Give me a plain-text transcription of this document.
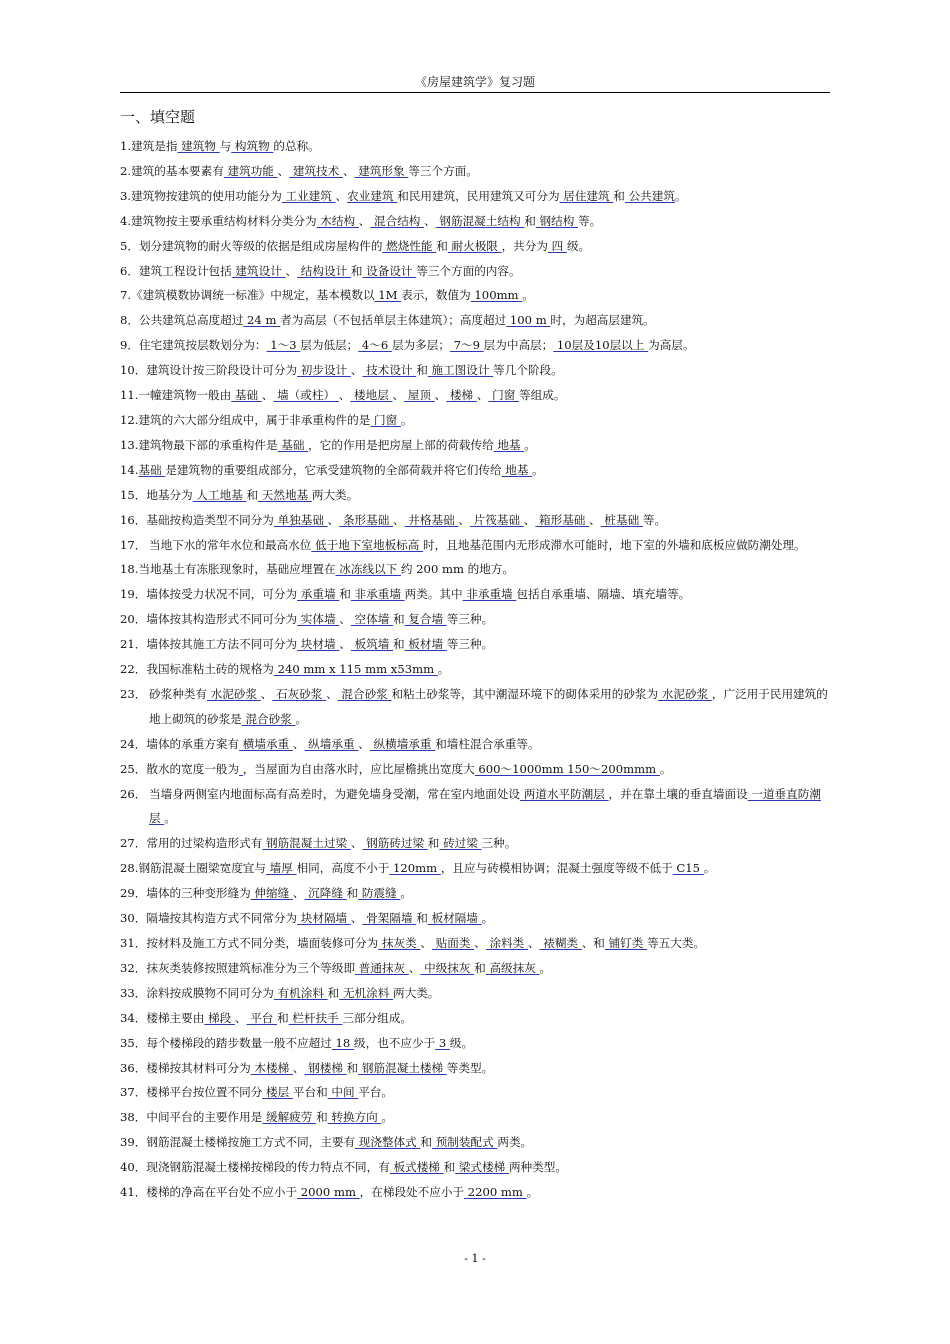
《房屋建筑学》复习题
一、填空题
1. 建筑是指 建筑物 与 构筑物 的总称。
2. 建筑的基本要素有 建筑功能 、 建筑技术 、 建筑形象 等三个方面。
3. 建筑物按建筑的使用功能分为 工业建筑 、农业建筑 和民用建筑，民用建筑又可分为 居住建筑 和 公共建筑。
4. 建筑物按主要承重结构材料分类分为 木结构 、 混合结构 、 钢筋混凝土结构 和 钢结构 等。
5． 划分建筑物的耐火等级的依据是组成房屋构件的 燃烧性能 和 耐火极限 ，共分为 四 级。
6． 建筑工程设计包括 建筑设计 、 结构设计 和 设备设计 等三个方面的内容。
7. 《建筑模数协调统一标准》中规定，基本模数以 1M 表示，数值为 100mm 。
8． 公共建筑总高度超过 24 m 者为高层（不包括单层主体建筑）；高度超过 100 m 时，为超高层建筑。
9． 住宅建筑按层数划分为： 1～3 层为低层； 4～6 层为多层； 7～9 层为中高层； 10层及10层以上 为高层。
10． 建筑设计按三阶段设计可分为 初步设计 、 技术设计 和 施工图设计 等几个阶段。
11. 一幢建筑物一般由 基础 、 墙（或柱） 、 楼地层 、 屋顶 、 楼梯 、 门窗 等组成。
12. 建筑的六大部分组成中，属于非承重构件的是 门窗 。
13. 建筑物最下部的承重构件是 基础 ，它的作用是把房屋上部的荷载传给 地基 。
14. 基础 是建筑物的重要组成部分，它承受建筑物的全部荷载并将它们传给 地基 。
15． 地基分为 人工地基 和 天然地基 两大类。
16． 基础按构造类型不同分为 单独基础 、 条形基础 、 井格基础 、 片筏基础 、 箱形基础 、 桩基础 等。
17． 当地下水的常年水位和最高水位 低于地下室地板标高 时，且地基范围内无形成滞水可能时，地下室的外墙和底板应做防潮处理。
18. 当地基土有冻胀现象时，基础应埋置在 冰冻线以下 约 200 mm 的地方。
19． 墙体按受力状况不同，可分为 承重墙 和 非承重墙 两类。其中 非承重墙 包括自承重墙、隔墙、填充墙等。
20． 墙体按其构造形式不同可分为 实体墙 、 空体墙 和 复合墙 等三种。
21． 墙体按其施工方法不同可分为 块材墙 、 板筑墙 和 板材墙 等三种。
22． 我国标准粘土砖的规格为 240 mm x 115 mm x53mm 。
23． 砂浆种类有 水泥砂浆 、 石灰砂浆 、 混合砂浆 和粘土砂浆等，其中潮湿环境下的砌体采用的砂浆为 水泥砂浆 ，广泛用于民用建筑的地上砌筑的砂浆是 混合砂浆 。
24． 墙体的承重方案有 横墙承重 、 纵墙承重 、 纵横墙承重 和墙柱混合承重等。
25． 散水的宽度一般为 ，当屋面为自由落水时，应比屋檐挑出宽度大 600～1000mm 150～200mmm 。
26． 当墙身两侧室内地面标高有高差时，为避免墙身受潮，常在室内地面处设 两道水平防潮层 ，并在靠土壤的垂直墙面设 一道垂直防潮层 。
27． 常用的过梁构造形式有 钢筋混凝土过梁 、 钢筋砖过梁 和 砖过梁 三种。
28. 钢筋混凝土圈梁宽度宜与 墙厚 相同，高度不小于 120mm ，且应与砖模相协调；混凝土强度等级不低于 C15 。
29． 墙体的三种变形缝为 伸缩缝 、 沉降缝 和 防震缝 。
30． 隔墙按其构造方式不同常分为 块材隔墙 、 骨架隔墙 和 板材隔墙 。
31． 按材料及施工方式不同分类，墙面装修可分为 抹灰类 、 贴面类 、 涂料类 、 裱糊类 、和 铺钉类 等五大类。
32． 抹灰类装修按照建筑标准分为三个等级即 普通抹灰 、 中级抹灰 和 高级抹灰 。
33． 涂料按成膜物不同可分为 有机涂料 和 无机涂料 两大类。
34． 楼梯主要由 梯段 、 平台 和 栏杆扶手 三部分组成。
35． 每个楼梯段的踏步数量一般不应超过 18 级，也不应少于 3 级。
36． 楼梯按其材料可分为 木楼梯 、 钢楼梯 和 钢筋混凝土楼梯 等类型。
37． 楼梯平台按位置不同分 楼层 平台和 中间 平台。
38． 中间平台的主要作用是 缓解疲劳 和 转换方向 。
39． 钢筋混凝土楼梯按施工方式不同，主要有 现浇整体式 和 预制装配式 两类。
40． 现浇钢筋混凝土楼梯按梯段的传力特点不同，有 板式楼梯 和 梁式楼梯 两种类型。
41． 楼梯的净高在平台处不应小于 2000 mm ，在梯段处不应小于 2200 mm 。
- 1 -
